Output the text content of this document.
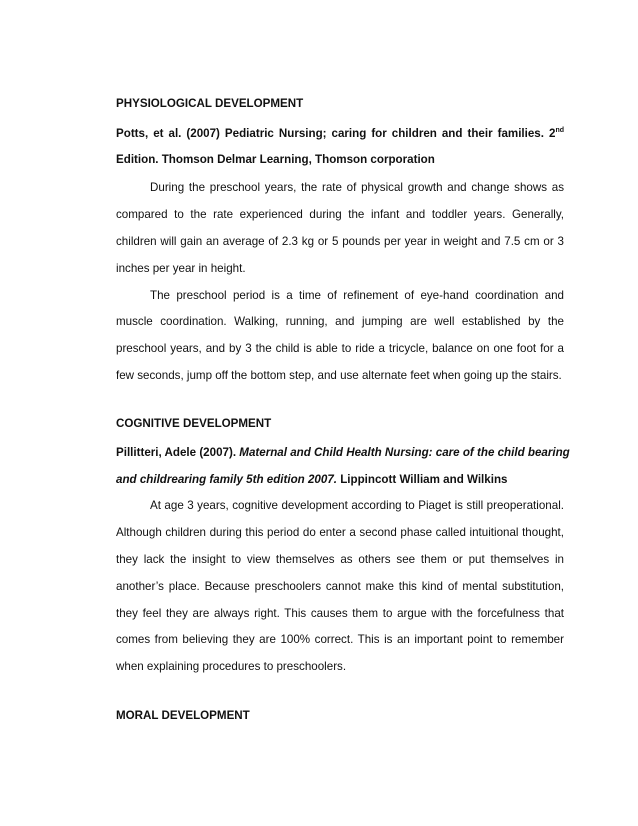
PHYSIOLOGICAL DEVELOPMENT
Potts, et al. (2007) Pediatric Nursing; caring for children and their families. 2nd
Edition. Thomson Delmar Learning, Thomson corporation
During the preschool years, the rate of physical growth and change shows as
compared to the rate experienced during the infant and toddler years. Generally,
children will gain an average of 2.3 kg or 5 pounds per year in weight and 7.5 cm or 3
inches per year in height.
The preschool period is a time of refinement of eye-hand coordination and
muscle coordination. Walking, running, and jumping are well established by the
preschool years, and by 3 the child is able to ride a tricycle, balance on one foot for a
few seconds, jump off the bottom step, and use alternate feet when going up the stairs.
COGNITIVE DEVELOPMENT
Pillitteri, Adele (2007). Maternal and Child Health Nursing: care of the child bearing
and childrearing family 5th edition 2007. Lippincott William and Wilkins
At age 3 years, cognitive development according to Piaget is still preoperational.
Although children during this period do enter a second phase called intuitional thought,
they lack the insight to view themselves as others see them or put themselves in
another’s place. Because preschoolers cannot make this kind of mental substitution,
they feel they are always right. This causes them to argue with the forcefulness that
comes from believing they are 100% correct. This is an important point to remember
when explaining procedures to preschoolers.
MORAL DEVELOPMENT
